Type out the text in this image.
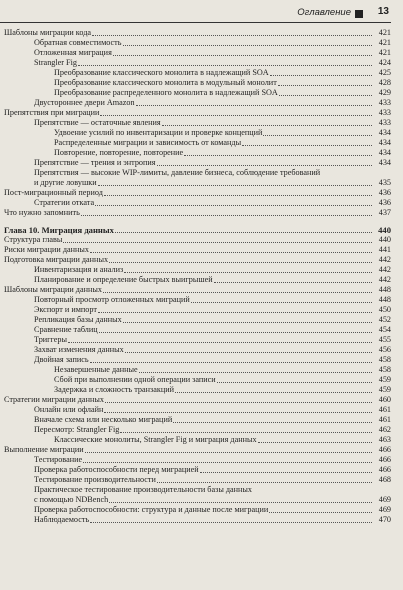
Оглавление	13
Шаблоны миграции кода	421
Обратная совместимость	421
Отложенная миграция	421
Strangler Fig	424
Преобразование классического монолита в надлежащий SOA	425
Преобразование классического монолита в модульный монолит	428
Преобразование распределенного монолита в надлежащий SOA	429
Двустороннее двери Amazon	433
Препятствия при миграции	433
Препятствие — остаточные явления	433
Удвоение усилий по инвентаризации и проверке концепций	434
Распределенные миграции и зависимость от команды	434
Повторение, повторение, повторение	434
Препятствие — трения и энтропия	434
Препятствия — высокие WIP-лимиты, давление бизнеса, соблюдение требований
и другие ловушки	435
Пост-миграционный период	436
Стратегии отката	436
Что нужно запомнить	437
Глава 10. Миграция данных	440
Структура главы	440
Риски миграции данных	441
Подготовка миграции данных	442
Инвентаризация и анализ	442
Планирование и определение быстрых выигрышей	442
Шаблоны миграции данных	448
Повторный просмотр отложенных миграций	448
Экспорт и импорт	450
Репликация базы данных	452
Сравнение таблиц	454
Триггеры	455
Захват изменения данных	456
Двойная запись	458
Незавершенные данные	458
Сбой при выполнении одной операции записи	459
Задержка и сложность транзакций	459
Стратегии миграции данных	460
Онлайн или офлайн	461
Вначале схема или несколько миграций	461
Пересмотр: Strangler Fig	462
Классические монолиты, Strangler Fig и миграция данных	463
Выполнение миграции	466
Тестирование	466
Проверка работоспособности перед миграцией	466
Тестирование производительности	468
Практическое тестирование производительности базы данных
с помощью NDBench	469
Проверка работоспособности: структура и данные после миграции	469
Наблюдаемость	470
